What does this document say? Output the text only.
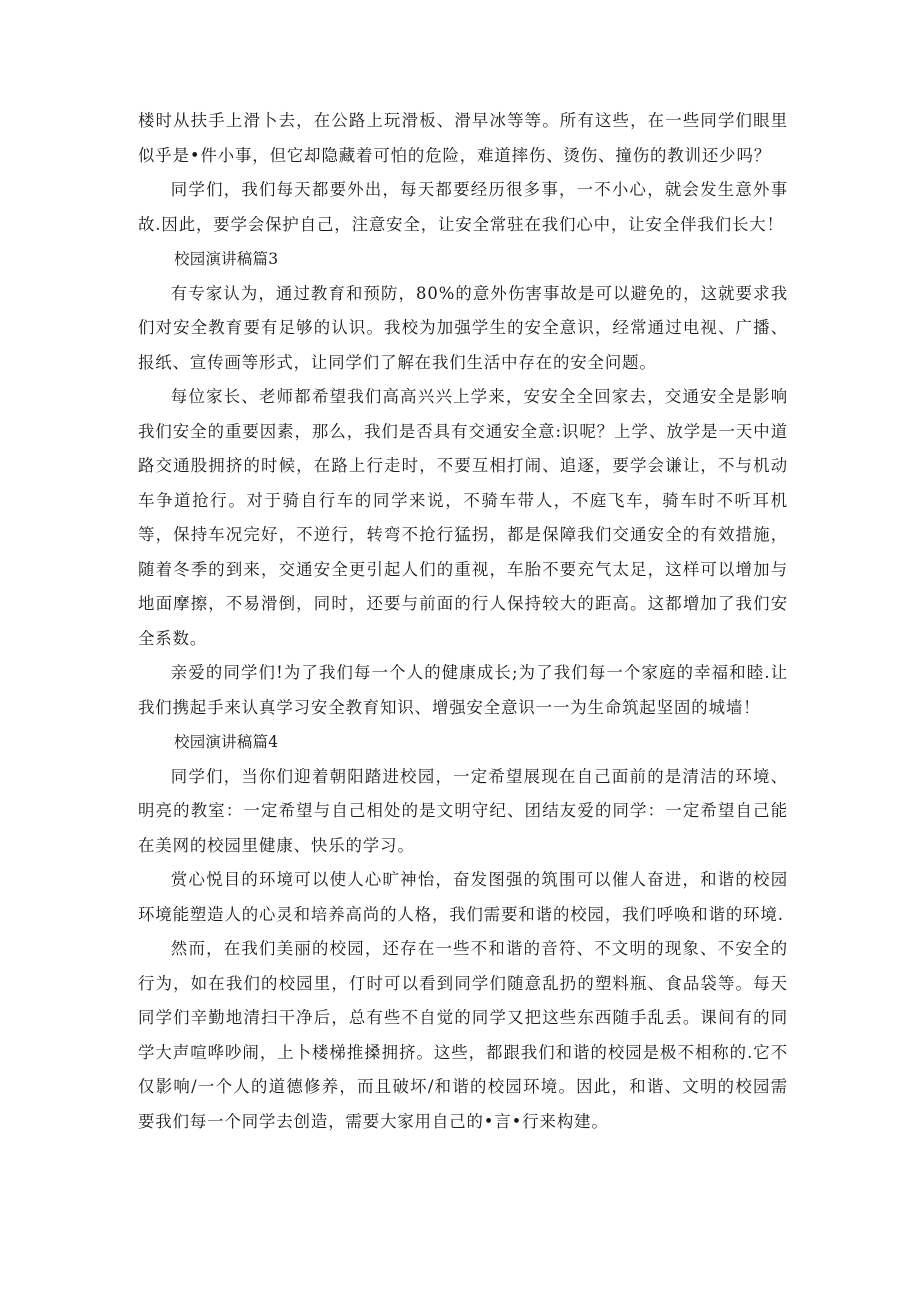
楼时从扶手上滑卜去，在公路上玩滑板、滑早冰等等。所有这些，在一些同学们眼里似乎是•件小事，但它却隐藏着可怕的危险，难道摔伤、烫伤、撞伤的教训还少吗？

同学们，我们每天都要外出，每天都要经历很多事，一不小心，就会发生意外事故.因此，要学会保护自己，注意安全，让安全常驻在我们心中，让安全伴我们长大！

校园演讲稿篇3

有专家认为，通过教育和预防，80%的意外伤害事故是可以避免的，这就要求我们对安全教育要有足够的认识。我校为加强学生的安全意识，经常通过电视、广播、报纸、宣传画等形式，让同学们了解在我们生活中存在的安全问题。

每位家长、老师都希望我们高高兴兴上学来，安安全全回家去，交通安全是影响我们安全的重要因素，那么，我们是否具有交通安全意:识呢？上学、放学是一天中道路交通股拥挤的时候，在路上行走时，不要互相打闹、追逐，要学会谦让，不与机动车争道抢行。对于骑自行车的同学来说，不骑车带人，不庭飞车，骑车时不听耳机等，保持车况完好，不逆行，转弯不抢行猛拐，都是保障我们交通安全的有效措施，随着冬季的到来，交通安全更引起人们的重视，车胎不要充气太足，这样可以增加与地面摩擦，不易滑倒，同时，还要与前面的行人保持较大的距高。这都增加了我们安全系数。

亲爱的同学们!为了我们每一个人的健康成长;为了我们每一个家庭的幸福和睦.让我们携起手来认真学习安全教育知识、增强安全意识一一为生命筑起坚固的城墙！

校园演讲稿篇4

同学们，当你们迎着朝阳踏进校园，一定希望展现在自己面前的是清洁的环境、明亮的教室：一定希望与自己相处的是文明守纪、团结友爱的同学：一定希望自己能在美网的校园里健康、快乐的学习。

赏心悦目的环境可以使人心旷神怡，奋发图强的筑围可以催人奋进，和谐的校园环境能塑造人的心灵和培养高尚的人格，我们需要和谐的校园，我们呼唤和谐的环境.

然而，在我们美丽的校园，还存在一些不和谐的音符、不文明的现象、不安全的行为，如在我们的校园里，仃时可以看到同学们随意乱扔的塑料瓶、食品袋等。每天同学们辛勤地清扫干净后，总有些不自觉的同学又把这些东西随手乱丢。课间有的同学大声喧哗吵闹，上卜楼梯推搡拥挤。这些，都跟我们和谐的校园是极不相称的.它不仅影响/一个人的道德修养，而且破坏/和谐的校园环境。因此，和谐、文明的校园需要我们每一个同学去创造，需要大家用自己的•言•行来构建。
